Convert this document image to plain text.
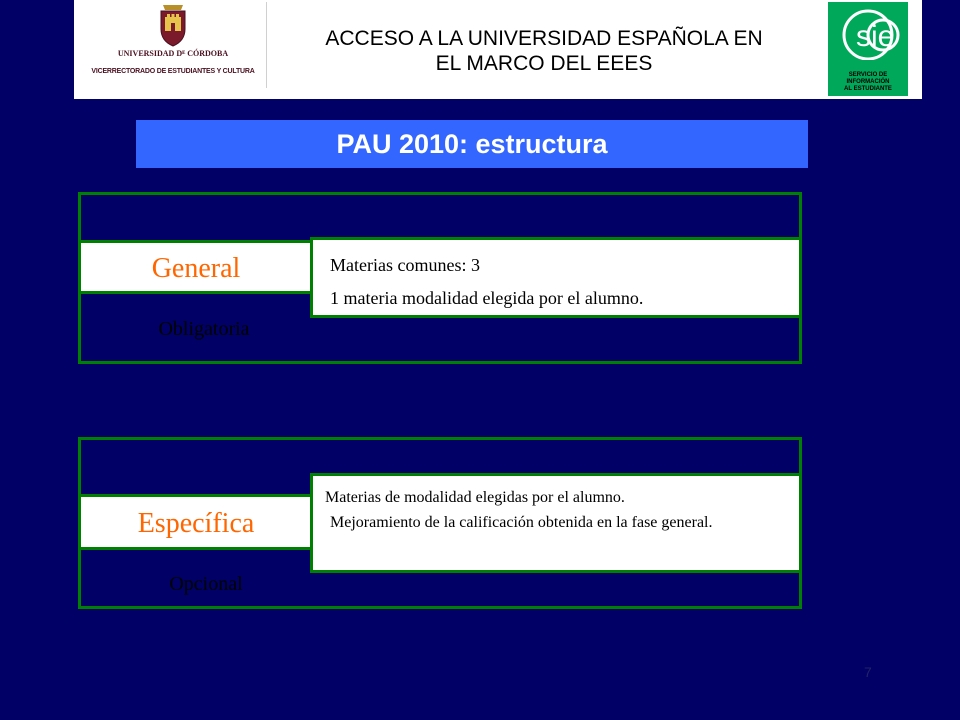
UNIVERSIDAD Dᴱ CÓRDOBA
VICERRECTORADO DE ESTUDIANTES Y CULTURA
ACCESO A LA UNIVERSIDAD ESPAÑOLA EN
EL MARCO DEL EEES
sie
SERVICIO DE
INFORMACIÓN
AL ESTUDIANTE
PAU 2010: estructura
General	Materias comunes: 3
1 materia modalidad elegida por el alumno.
Obligatoria
Específica
Materias de modalidad elegidas por el alumno.
Mejoramiento de la calificación obtenida en la fase general.
Opcional
7
